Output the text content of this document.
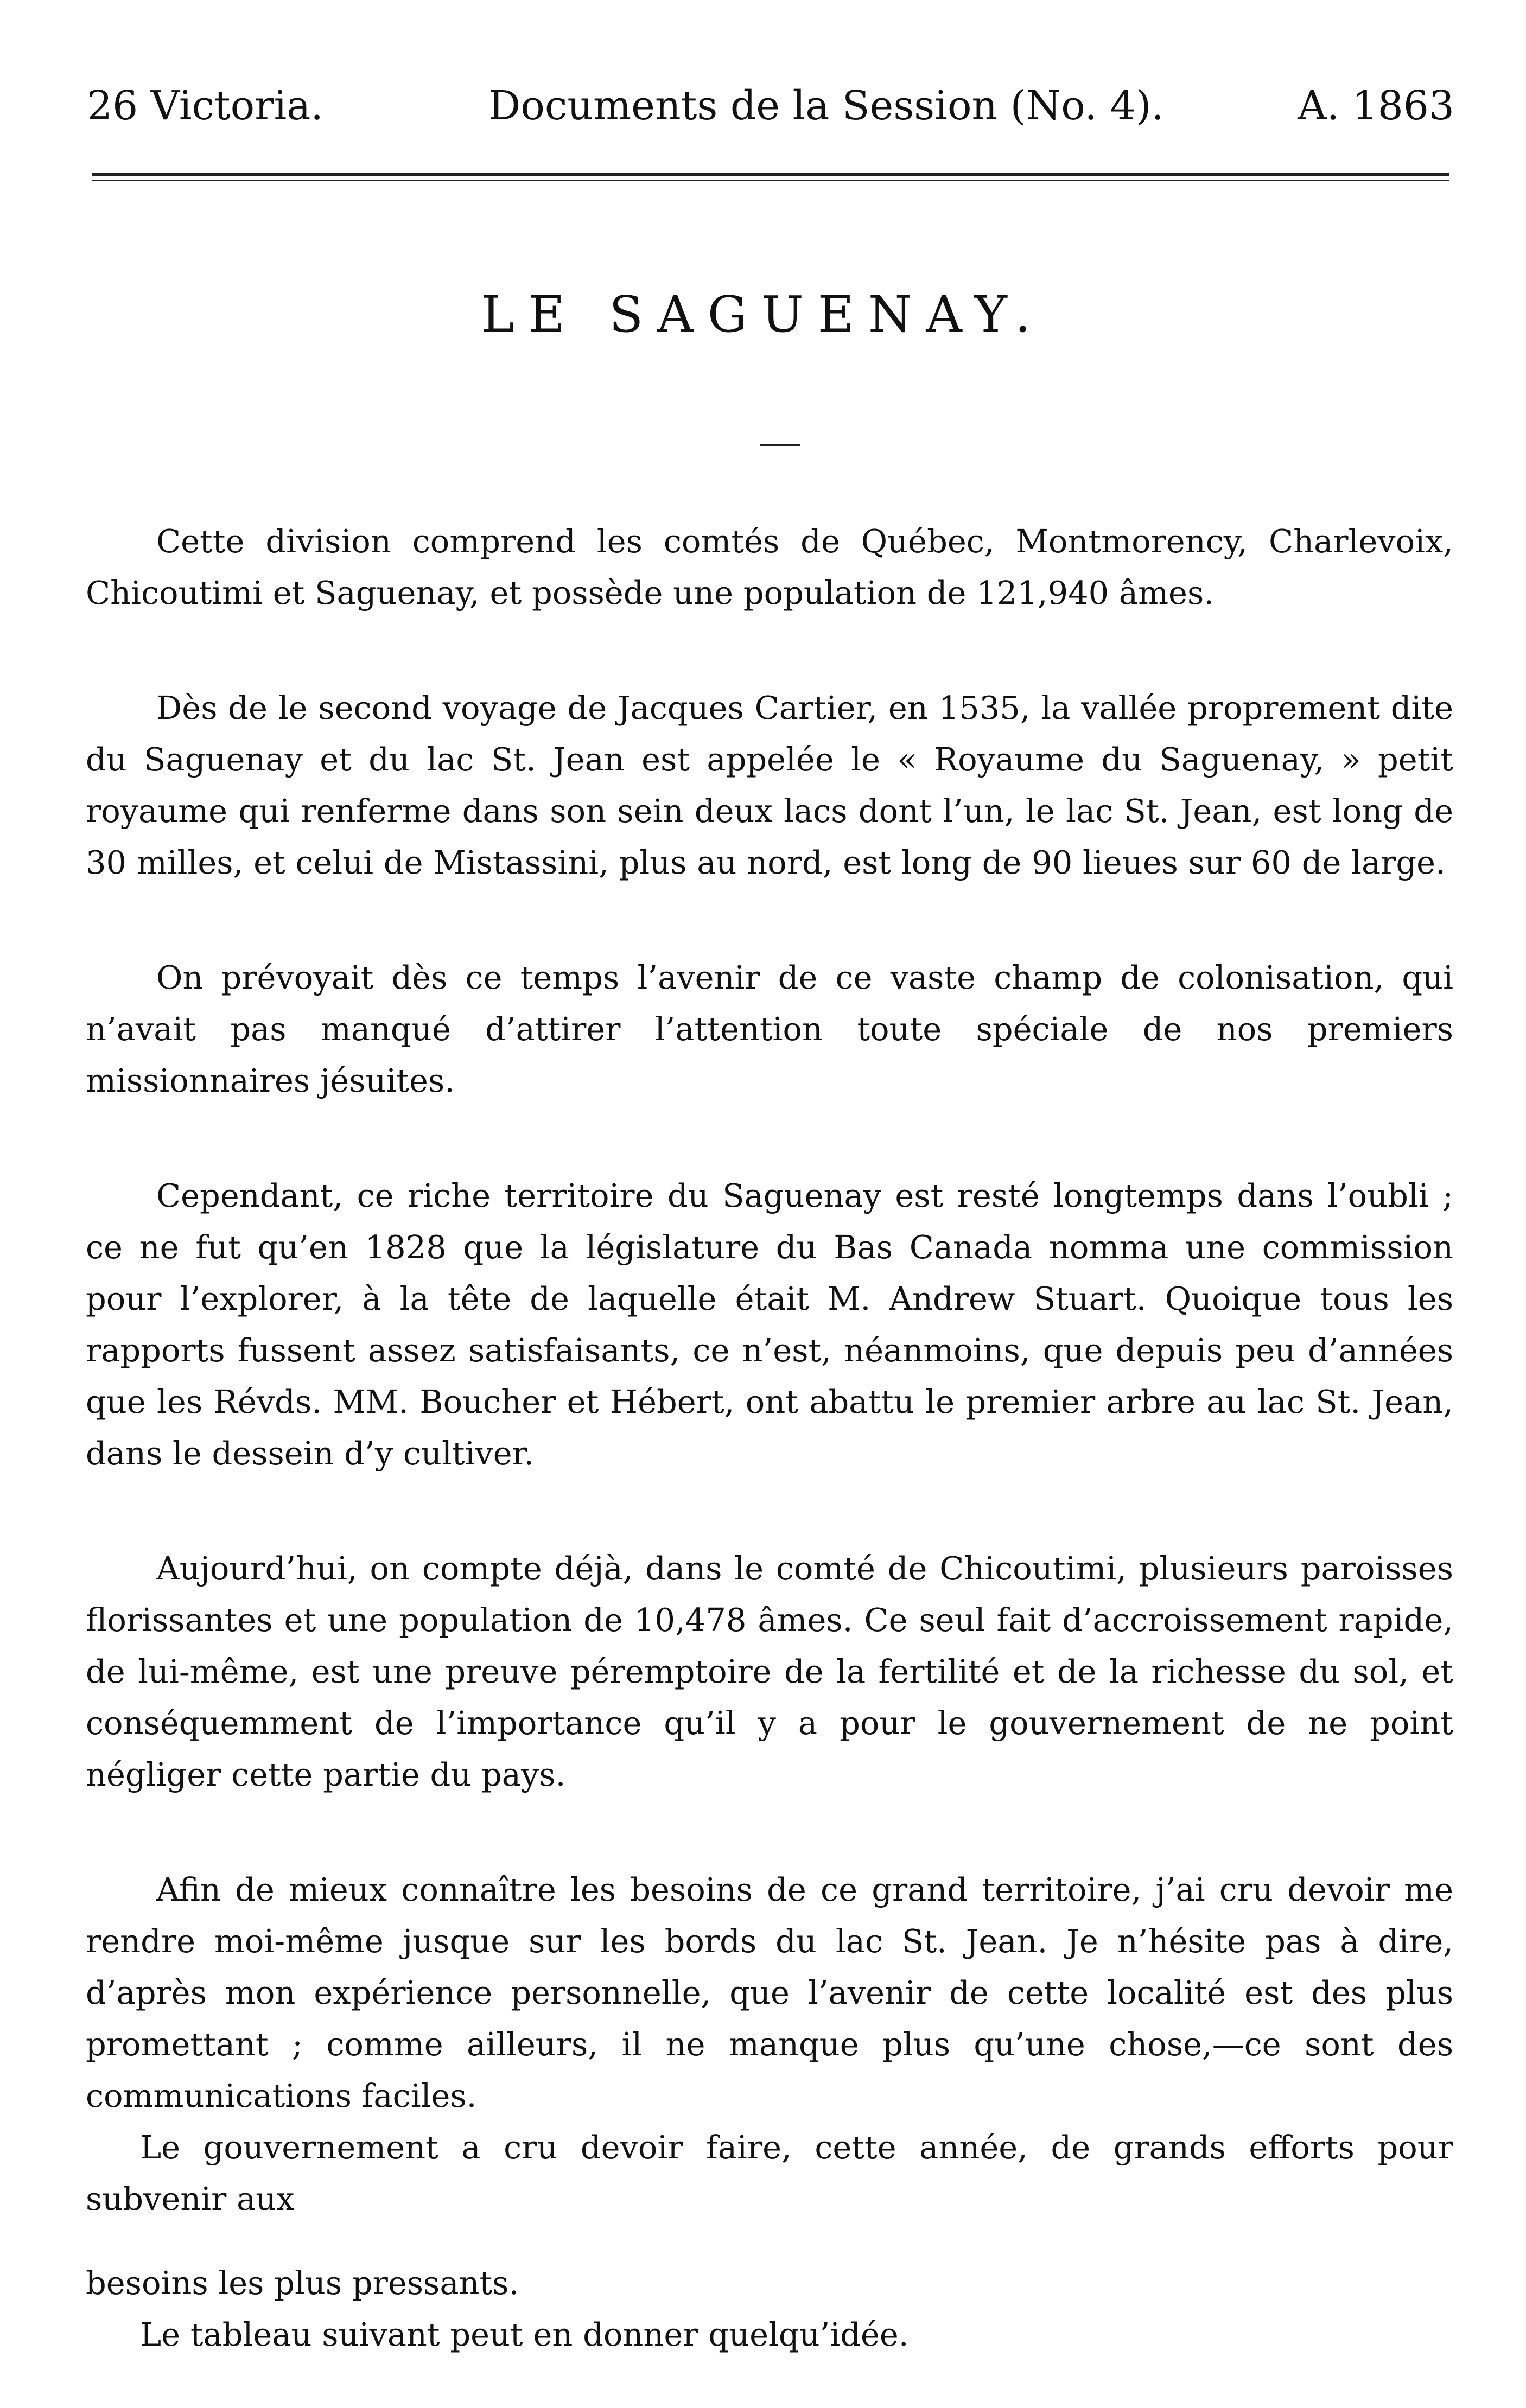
26 Victoria.	Documents de la Session (No. 4).	A. 1863
LE SAGUENAY.

Cette division comprend les comtés de Québec, Montmorency, Charlevoix, Chicoutimi et Saguenay, et possède une population de 121,940 âmes.

Dès de le second voyage de Jacques Cartier, en 1535, la vallée proprement dite du Saguenay et du lac St. Jean est appelée le « Royaume du Saguenay, » petit royaume qui renferme dans son sein deux lacs dont l’un, le lac St. Jean, est long de 30 milles, et celui de Mistassini, plus au nord, est long de 90 lieues sur 60 de large.

On prévoyait dès ce temps l’avenir de ce vaste champ de colonisation, qui n’avait pas manqué d’attirer l’attention toute spéciale de nos premiers missionnaires jésuites.

Cependant, ce riche territoire du Saguenay est resté longtemps dans l’oubli ; ce ne fut qu’en 1828 que la législature du Bas Canada nomma une commission pour l’explorer, à la tête de laquelle était M. Andrew Stuart. Quoique tous les rapports fussent assez satisfaisants, ce n’est, néanmoins, que depuis peu d’années que les Révds. MM. Boucher et Hébert, ont abattu le premier arbre au lac St. Jean, dans le dessein d’y cultiver.

Aujourd’hui, on compte déjà, dans le comté de Chicoutimi, plusieurs paroisses florissantes et une population de 10,478 âmes. Ce seul fait d’accroissement rapide, de lui-même, est une preuve péremptoire de la fertilité et de la richesse du sol, et conséquemment de l’importance qu’il y a pour le gouvernement de ne point négliger cette partie du pays.

Afin de mieux connaître les besoins de ce grand territoire, j’ai cru devoir me rendre moi-même jusque sur les bords du lac St. Jean. Je n’hésite pas à dire, d’après mon expérience personnelle, que l’avenir de cette localité est des plus promettant ; comme ailleurs, il ne manque plus qu’une chose,—ce sont des communications faciles.

Le gouvernement a cru devoir faire, cette année, de grands efforts pour subvenir aux

besoins les plus pressants.

Le tableau suivant peut en donner quelqu’idée.
